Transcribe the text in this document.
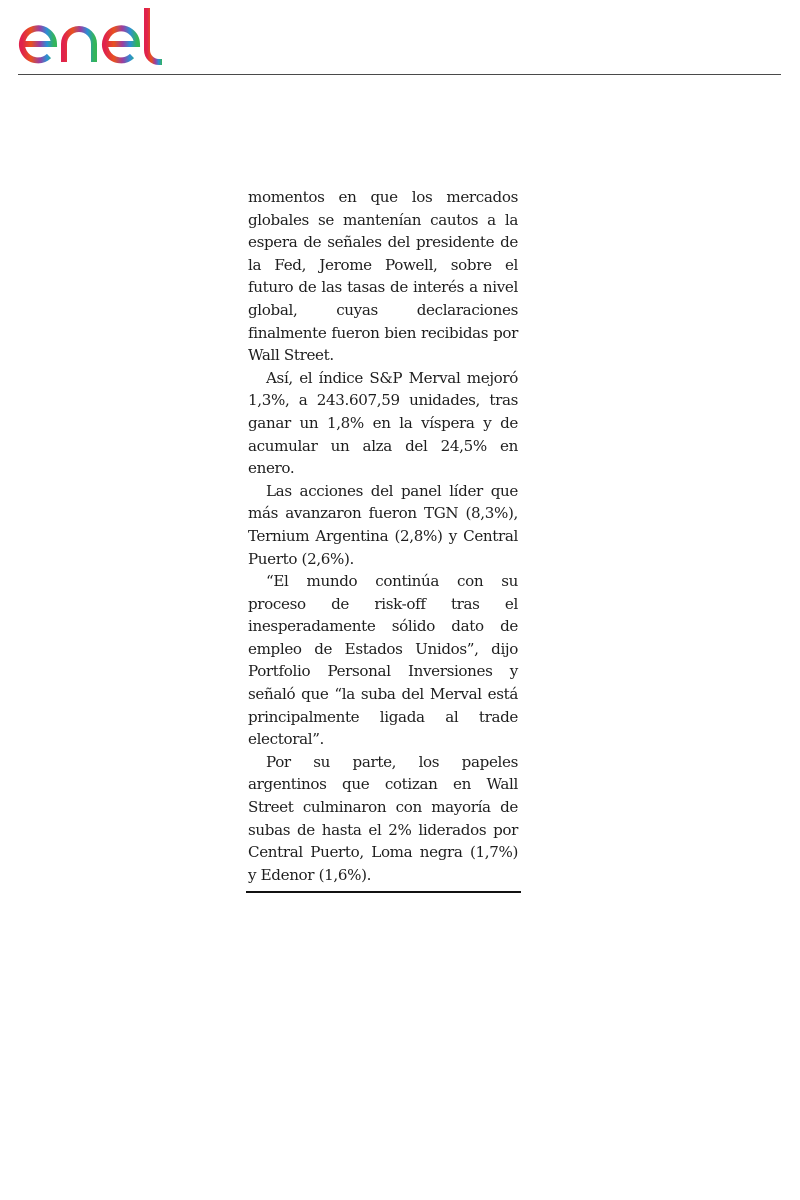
momentos en que los mercados globales se mantenían cautos a la espera de señales del presidente de la Fed, Jerome Powell, sobre el futuro de las tasas de interés a nivel global, cuyas declaraciones finalmente fueron bien recibidas por Wall Street.

Así, el índice S&P Merval mejoró 1,3%, a 243.607,59 unidades, tras ganar un 1,8% en la víspera y de acumular un alza del 24,5% en enero.

Las acciones del panel líder que más avanzaron fueron TGN (8,3%), Ternium Argentina (2,8%) y Central Puerto (2,6%).

“El mundo continúa con su proceso de risk-off tras el inesperadamente sólido dato de empleo de Estados Unidos”, dijo Portfolio Personal Inversiones y señaló que “la suba del Merval está principalmente ligada al trade electoral”.

Por su parte, los papeles argentinos que cotizan en Wall Street culminaron con mayoría de subas de hasta el 2% liderados por Central Puerto, Loma negra (1,7%) y Edenor (1,6%).
